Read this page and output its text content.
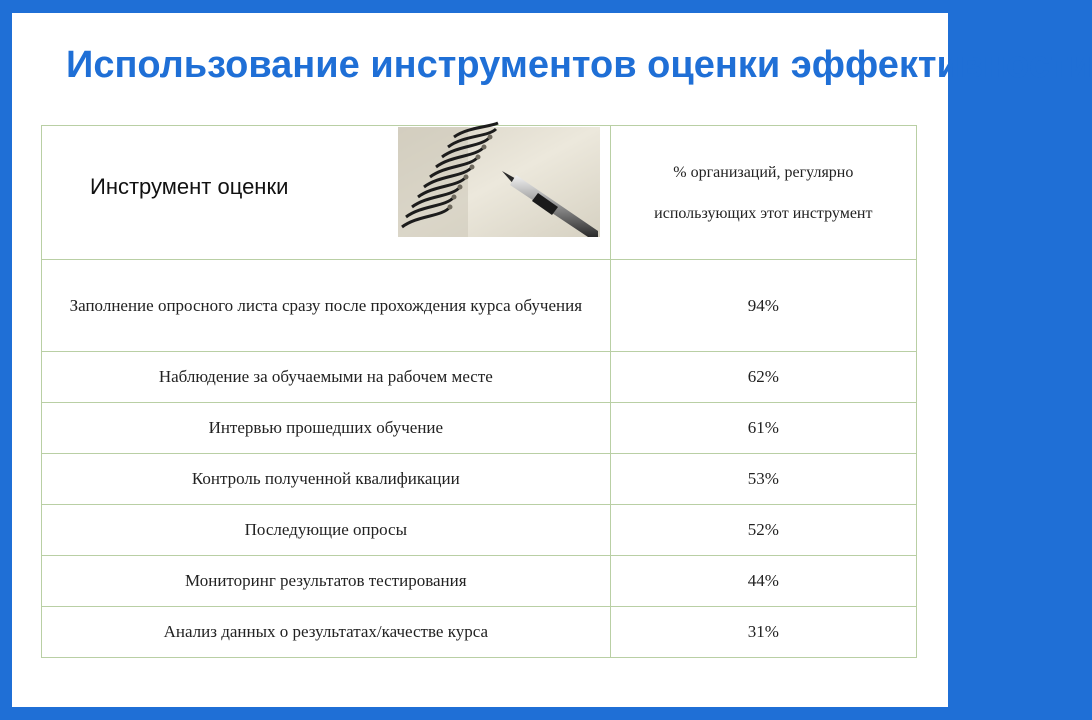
Использование инструментов оценки эффективности
Инструмент оценки	% организаций, регулярно использующих этот инструмент
Заполнение опросного листа сразу после прохождения курса обучения	94%
Наблюдение за обучаемыми на рабочем месте	62%
Интервью прошедших обучение	61%
Контроль полученной квалификации	53%
Последующие опросы	52%
Мониторинг результатов тестирования	44%
Анализ данных о результатах/качестве курса	31%
